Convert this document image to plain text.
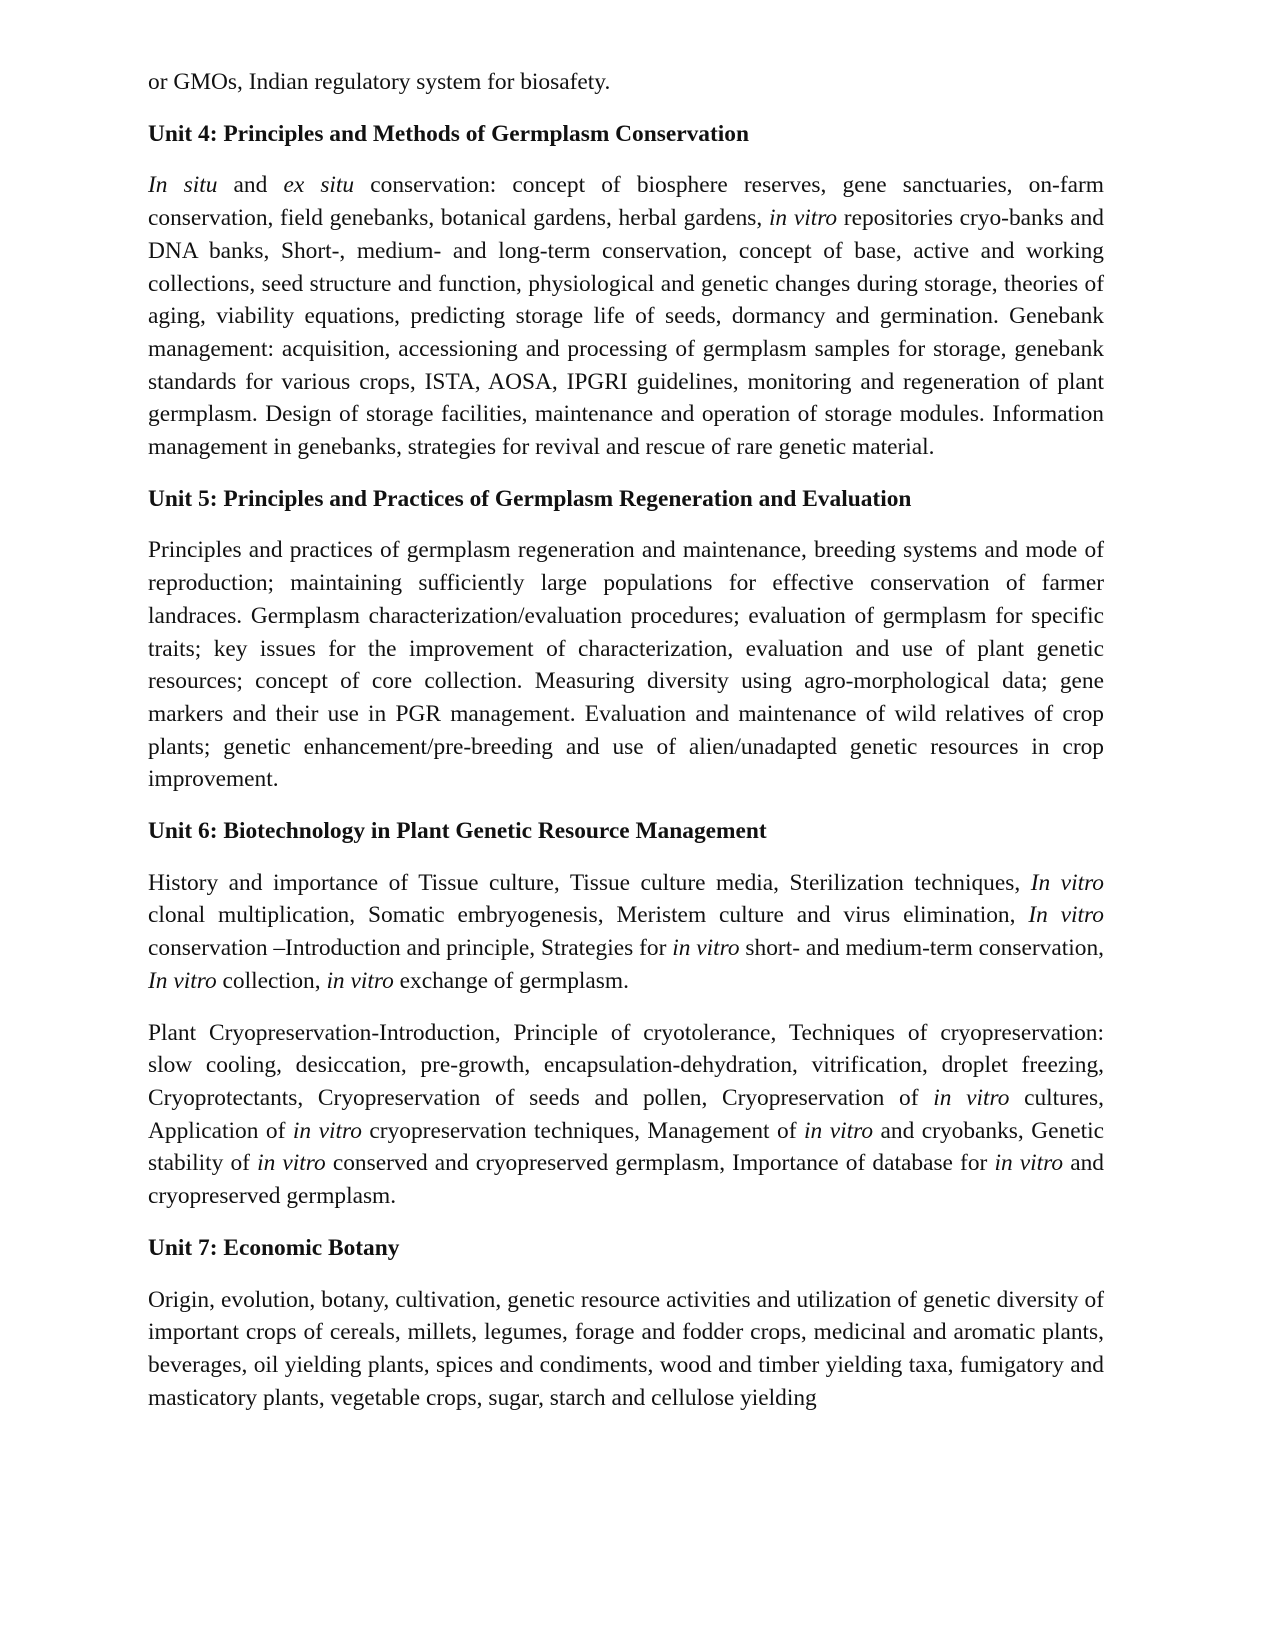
or GMOs, Indian regulatory system for biosafety.

Unit 4: Principles and Methods of Germplasm Conservation

In situ and ex situ conservation: concept of biosphere reserves, gene sanctuaries, on-farm conservation, field genebanks, botanical gardens, herbal gardens, in vitro repositories cryo-banks and DNA banks, Short-, medium- and long-term conservation, concept of base, active and working collections, seed structure and function, physiological and genetic changes during storage, theories of aging, viability equations, predicting storage life of seeds, dormancy and germination. Genebank management: acquisition, accessioning and processing of germplasm samples for storage, genebank standards for various crops, ISTA, AOSA, IPGRI guidelines, monitoring and regeneration of plant germplasm. Design of storage facilities, maintenance and operation of storage modules. Information management in genebanks, strategies for revival and rescue of rare genetic material.

Unit 5: Principles and Practices of Germplasm Regeneration and Evaluation

Principles and practices of germplasm regeneration and maintenance, breeding systems and mode of reproduction; maintaining sufficiently large populations for effective conservation of farmer landraces. Germplasm characterization/evaluation procedures; evaluation of germplasm for specific traits; key issues for the improvement of characterization, evaluation and use of plant genetic resources; concept of core collection. Measuring diversity using agro-morphological data; gene markers and their use in PGR management. Evaluation and maintenance of wild relatives of crop plants; genetic enhancement/pre-breeding and use of alien/unadapted genetic resources in crop improvement.

Unit 6: Biotechnology in Plant Genetic Resource Management

History and importance of Tissue culture, Tissue culture media, Sterilization techniques, In vitro clonal multiplication, Somatic embryogenesis, Meristem culture and virus elimination, In vitro conservation –Introduction and principle, Strategies for in vitro short- and medium-term conservation, In vitro collection, in vitro exchange of germplasm.

Plant Cryopreservation-Introduction, Principle of cryotolerance, Techniques of cryopreservation: slow cooling, desiccation, pre-growth, encapsulation-dehydration, vitrification, droplet freezing, Cryoprotectants, Cryopreservation of seeds and pollen, Cryopreservation of in vitro cultures, Application of in vitro cryopreservation techniques, Management of in vitro and cryobanks, Genetic stability of in vitro conserved and cryopreserved germplasm, Importance of database for in vitro and cryopreserved germplasm.

Unit 7: Economic Botany

Origin, evolution, botany, cultivation, genetic resource activities and utilization of genetic diversity of important crops of cereals, millets, legumes, forage and fodder crops, medicinal and aromatic plants, beverages, oil yielding plants, spices and condiments, wood and timber yielding taxa, fumigatory and masticatory plants, vegetable crops, sugar, starch and cellulose yielding
